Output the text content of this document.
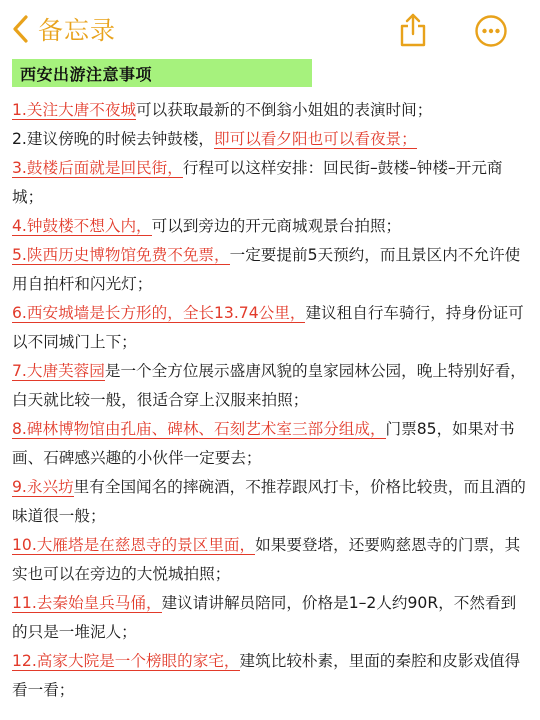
备忘录
西安出游注意事项

1.关注大唐不夜城可以获取最新的不倒翁小姐姐的表演时间；

2.建议傍晚的时候去钟鼓楼，即可以看夕阳也可以看夜景；

3.鼓楼后面就是回民街，行程可以这样安排：回民街–鼓楼–钟楼–开元商城；

4.钟鼓楼不想入内，可以到旁边的开元商城观景台拍照；

5.陕西历史博物馆免费不免票，一定要提前5天预约，而且景区内不允许使用自拍杆和闪光灯；

6.西安城墙是长方形的，全长13.74公里，建议租自行车骑行，持身份证可以不同城门上下；

7.大唐芙蓉园是一个全方位展示盛唐风貌的皇家园林公园，晚上特别好看，白天就比较一般，很适合穿上汉服来拍照；

8.碑林博物馆由孔庙、碑林、石刻艺术室三部分组成，门票85，如果对书画、石碑感兴趣的小伙伴一定要去；

9.永兴坊里有全国闻名的摔碗酒，不推荐跟风打卡，价格比较贵，而且酒的味道很一般；

10.大雁塔是在慈恩寺的景区里面，如果要登塔，还要购慈恩寺的门票，其实也可以在旁边的大悦城拍照；

11.去秦始皇兵马俑，建议请讲解员陪同，价格是1–2人约90R，不然看到的只是一堆泥人；

12.高家大院是一个榜眼的家宅，建筑比较朴素，里面的秦腔和皮影戏值得看一看；
